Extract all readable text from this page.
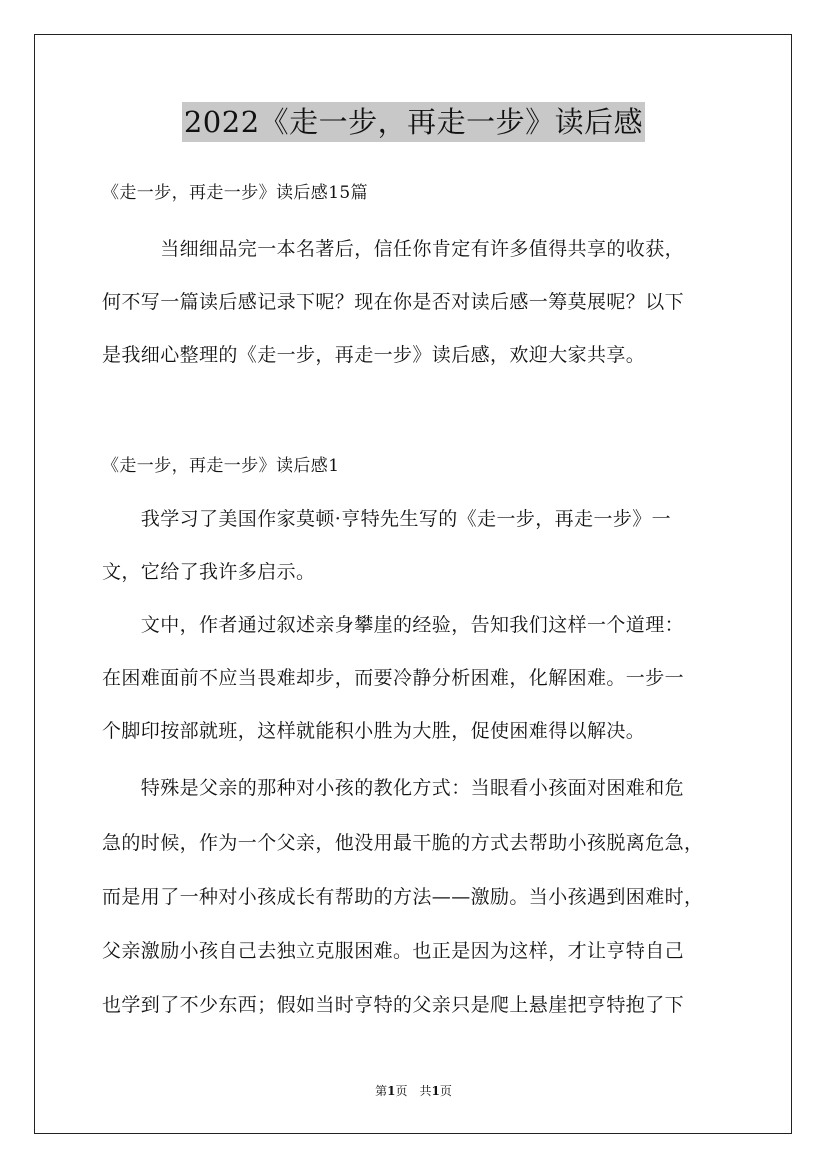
2022《走一步，再走一步》读后感
《走一步，再走一步》读后感15篇
　　　当细细品完一本名著后，信任你肯定有许多值得共享的收获，
何不写一篇读后感记录下呢？现在你是否对读后感一筹莫展呢？以下
是我细心整理的《走一步，再走一步》读后感，欢迎大家共享。
《走一步，再走一步》读后感1
　　我学习了美国作家莫顿·亨特先生写的《走一步，再走一步》一
文，它给了我许多启示。
　　文中，作者通过叙述亲身攀崖的经验，告知我们这样一个道理：
在困难面前不应当畏难却步，而要冷静分析困难，化解困难。一步一
个脚印按部就班，这样就能积小胜为大胜，促使困难得以解决。
　　特殊是父亲的那种对小孩的教化方式：当眼看小孩面对困难和危
急的时候，作为一个父亲，他没用最干脆的方式去帮助小孩脱离危急，
而是用了一种对小孩成长有帮助的方法——激励。当小孩遇到困难时，
父亲激励小孩自己去独立克服困难。也正是因为这样，才让亨特自己
也学到了不少东西；假如当时亨特的父亲只是爬上悬崖把亨特抱了下
第1页　共1页
